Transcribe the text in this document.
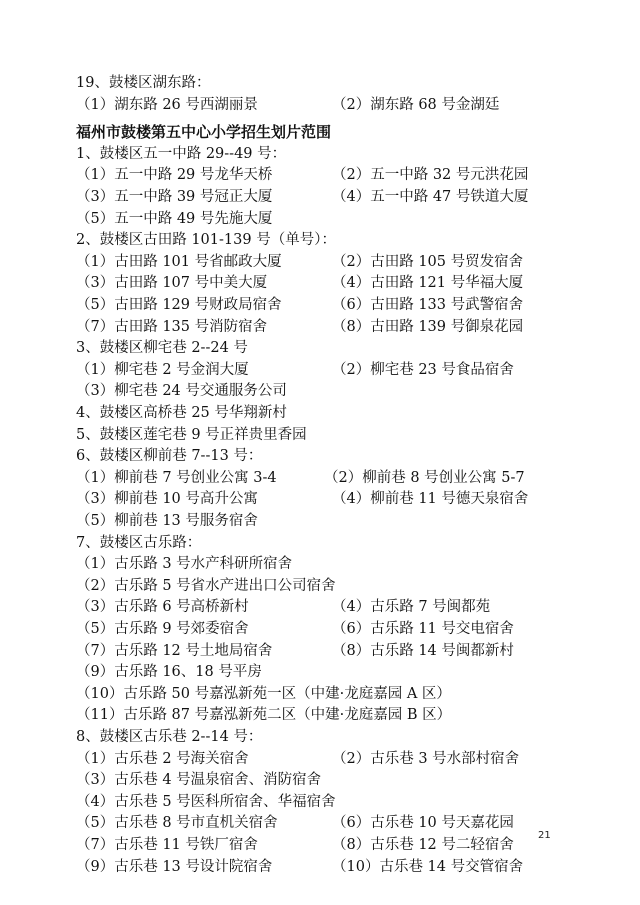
19、鼓楼区湖东路：
（1）湖东路 26 号西湖丽景	（2）湖东路 68 号金湖廷
福州市鼓楼第五中心小学招生划片范围
1、鼓楼区五一中路 29--49 号：
（1）五一中路 29 号龙华天桥	（2）五一中路 32 号元洪花园
（3）五一中路 39 号冠正大厦	（4）五一中路 47 号铁道大厦
（5）五一中路 49 号先施大厦
2、鼓楼区古田路 101-139 号（单号）：
（1）古田路 101 号省邮政大厦	（2）古田路 105 号贸发宿舍
（3）古田路 107 号中美大厦	（4）古田路 121 号华福大厦
（5）古田路 129 号财政局宿舍	（6）古田路 133 号武警宿舍
（7）古田路 135 号消防宿舍	（8）古田路 139 号御泉花园
3、鼓楼区柳宅巷 2--24 号
（1）柳宅巷 2 号金润大厦	（2）柳宅巷 23 号食品宿舍
（3）柳宅巷 24 号交通服务公司
4、鼓楼区高桥巷 25 号华翔新村
5、鼓楼区莲宅巷 9 号正祥贵里香园
6、鼓楼区柳前巷 7--13 号：
（1）柳前巷 7 号创业公寓 3-4	（2）柳前巷 8 号创业公寓 5-7
（3）柳前巷 10 号高升公寓	（4）柳前巷 11 号德天泉宿舍
（5）柳前巷 13 号服务宿舍
7、鼓楼区古乐路：
（1）古乐路 3 号水产科研所宿舍
（2）古乐路 5 号省水产进出口公司宿舍
（3）古乐路 6 号高桥新村	（4）古乐路 7 号闽都苑
（5）古乐路 9 号郊委宿舍	（6）古乐路 11 号交电宿舍
（7）古乐路 12 号土地局宿舍	（8）古乐路 14 号闽都新村
（9）古乐路 16、18 号平房
（10）古乐路 50 号嘉泓新苑一区（中建·龙庭嘉园 A 区）
（11）古乐路 87 号嘉泓新苑二区（中建·龙庭嘉园 B 区）
8、鼓楼区古乐巷 2--14 号：
（1）古乐巷 2 号海关宿舍	（2）古乐巷 3 号水部村宿舍
（3）古乐巷 4 号温泉宿舍、消防宿舍
（4）古乐巷 5 号医科所宿舍、华福宿舍
（5）古乐巷 8 号市直机关宿舍	（6）古乐巷 10 号天嘉花园
（7）古乐巷 11 号铁厂宿舍	（8）古乐巷 12 号二轻宿舍
（9）古乐巷 13 号设计院宿舍	（10）古乐巷 14 号交管宿舍
21
